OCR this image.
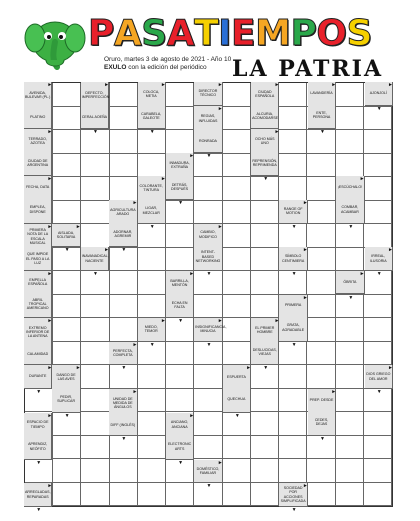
P A S A T I E M P O S
Oruro, martes 3 de agosto de 2021 - Año 10
EXULO con la edición del periódico	LA PATRIA
AVENIDA, BULEVAR (PL.)
PLATINO
►
DEFECTO, IMPERFECCIÓN
CERAL AOEÑA
►
▼
COLOCA, METIA
CARABELA, GALEOTE
►
▼
DIRECTOR TÉCNICO
►
CIUDAD ESPAÑOLA
ALCURIA, ACOMODARSE
►
LAVANDERÍA
ENTE, PERSONA
►
▼
AJONJOLÍ
►
▼
REGIAS, INFLUIDAS
RONRADA
►
▼
TERRADO, AZOTEA
CIUDAD DE ARGENTINA
►
OCHO MÁS UNO
REPRENSIÓN, REPRIMENDA
►
▼
INMADURA, EXTRAÑA
DETRÁS, DESPUÉS
►
▼
FECHA, DATA
EMPLEA, DISPONE
►
COLORANTE, TINTURA
LIGAR, MEZCLAR
►
▼
¡ESCÚCHALO!
COMBAR, ACAMBAR
►
▼
AGRICULTURA ARADO
ADORNAR, AGREMIR
►
▼
RANGE OF MOTION
►
▼
PRIMERA NOTA DE LA ESCALA MUSICAL
QUE IMPIDE EL PASO A LA LUZ
►
AISLADA, SOLITARIA
►
▼
CAMBIO, MODIFICO
INTENT-BASED NETWORKING
►
▼
INAVANADICAL, NACIENTE
►
▼
SÍMBOLO CENTIMIERA
►
▼
IRREAL, ILUSORIA
►
▼
EMPELLA ESPAÑOLA
ABRIL TROPICAL AMERICANO
►
BARRILLA, MENTÓN
ECHA EN FALTA
►
▼
ÓBRITA
►
▼
PRIMERA
GRATA, AGRADABLE
►
▼
EXTREMO INFERIOR DE LA ANTENA
CALAMIDAD
►
MIEDO, TEMOR
►
▼
INSIGNIFICANCIA, MINUCIA
►
▼
EL PRIMER HOMBRE
DESLUCIDAS, VIEJAS
►
▼
PERFECTA, COMPLETA
►
▼
DURANTE
►
▼
DANGO DE LAS AVES
PEDIR, SUPLICAR
►
▼
ESPUERTA
QUECHUA
►
▼
DIOS GRIEGO DEL AMOR
►
▼
UNIDAD DE MEDIDA DE ÁNGULOS
DIFF (INGLÉS)
►
▼
PREP. DESDE
CEDES, DEJAS
►
▼
ESPACIO DE TIEMPO
APRENDIZ, NEÓFITO
►
▼
ANCIANO, ANCIANA
ELECTRONIC ARTS
►
▼
DOMÉSTICO, FAMILIAR
►
▼
ARREGLADAS, REPARADAS
►
▼
SOCIEDAD POR ACCIONES SIMPLIFICADA
►
▼
